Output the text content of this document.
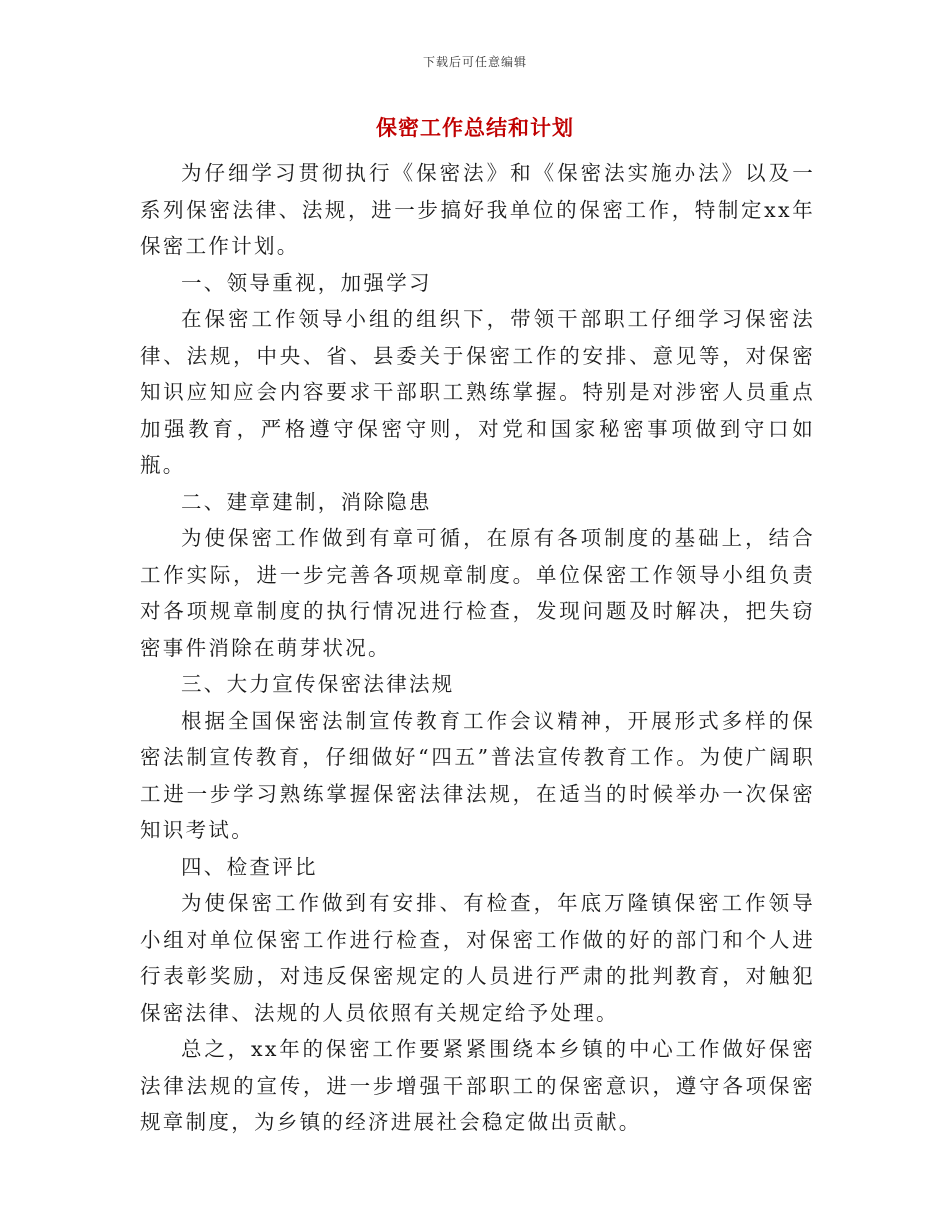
下载后可任意编辑
保密工作总结和计划

为仔细学习贯彻执行《保密法》和《保密法实施办法》以及一系列保密法律、法规，进一步搞好我单位的保密工作，特制定xx年保密工作计划。

一、领导重视，加强学习

在保密工作领导小组的组织下，带领干部职工仔细学习保密法律、法规，中央、省、县委关于保密工作的安排、意见等，对保密知识应知应会内容要求干部职工熟练掌握。特别是对涉密人员重点加强教育，严格遵守保密守则，对党和国家秘密事项做到守口如瓶。

二、建章建制，消除隐患

为使保密工作做到有章可循，在原有各项制度的基础上，结合工作实际，进一步完善各项规章制度。单位保密工作领导小组负责对各项规章制度的执行情况进行检查，发现问题及时解决，把失窃密事件消除在萌芽状况。

三、大力宣传保密法律法规

根据全国保密法制宣传教育工作会议精神，开展形式多样的保密法制宣传教育，仔细做好“四五”普法宣传教育工作。为使广阔职工进一步学习熟练掌握保密法律法规，在适当的时候举办一次保密知识考试。

四、检查评比

为使保密工作做到有安排、有检查，年底万隆镇保密工作领导小组对单位保密工作进行检查，对保密工作做的好的部门和个人进行表彰奖励，对违反保密规定的人员进行严肃的批判教育，对触犯保密法律、法规的人员依照有关规定给予处理。

总之，xx年的保密工作要紧紧围绕本乡镇的中心工作做好保密法律法规的宣传，进一步增强干部职工的保密意识，遵守各项保密规章制度，为乡镇的经济进展社会稳定做出贡献。
